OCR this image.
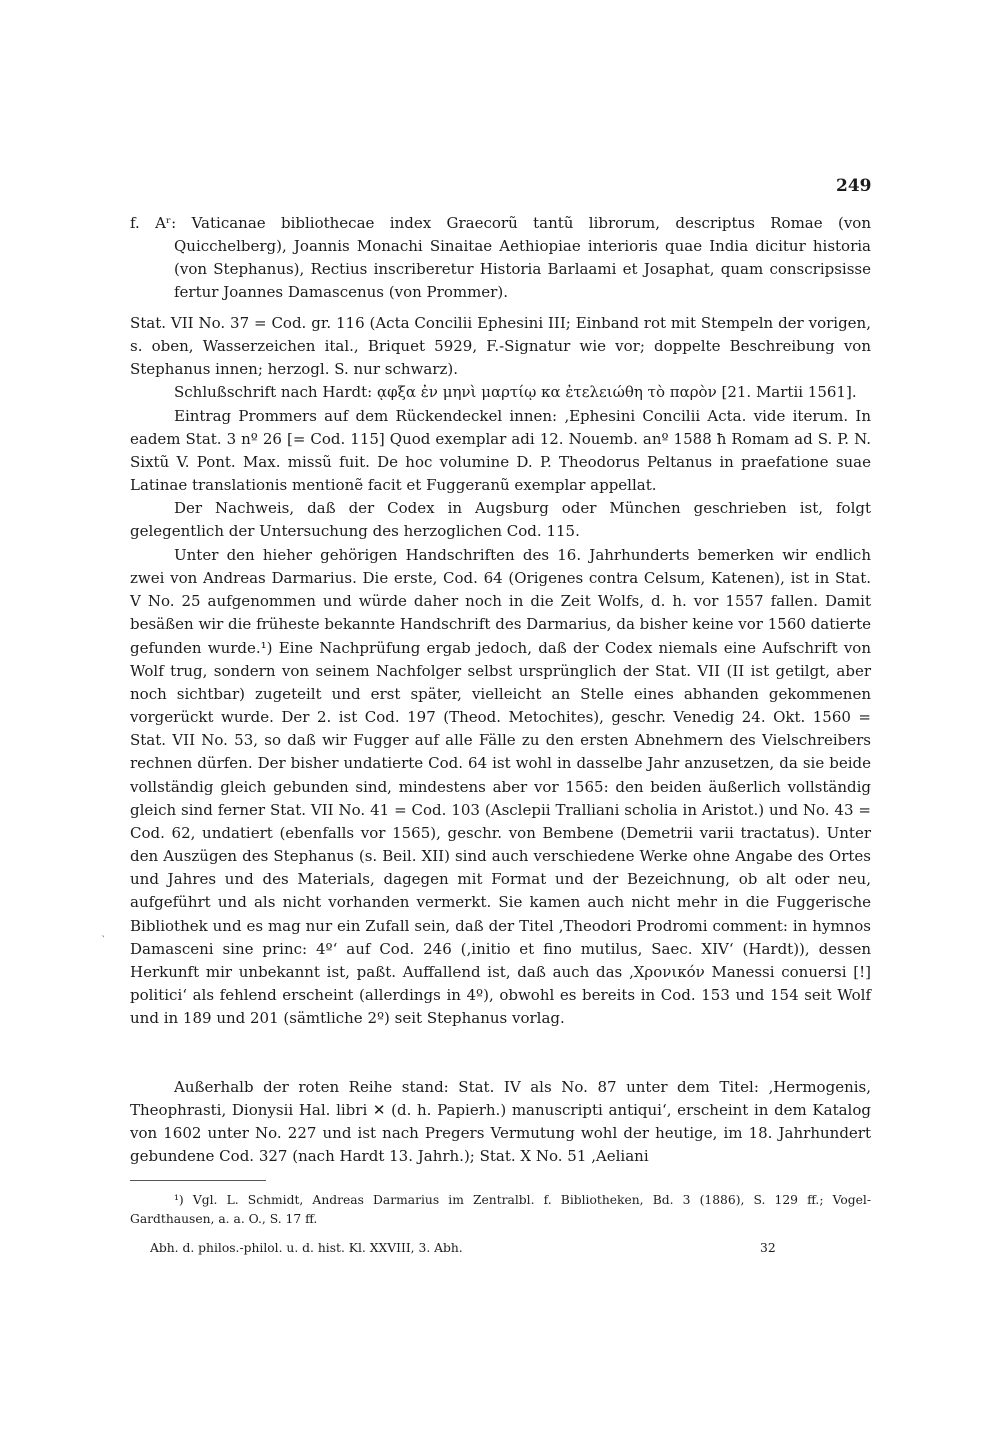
249

f. Aʳ: Vaticanae bibliothecae index Graecorũ tantũ librorum, descriptus Romae (von Quicchelberg), Joannis Monachi Sinaitae Aethiopiae interioris quae India dicitur historia (von Stephanus), Rectius inscriberetur Historia Barlaami et Josaphat, quam conscripsisse fertur Joannes Damascenus (von Prommer).

Stat. VII No. 37 = Cod. gr. 116 (Acta Concilii Ephesini III; Einband rot mit Stempeln der vorigen, s. oben, Wasserzeichen ital., Briquet 5929, F.-Signatur wie vor; doppelte Beschreibung von Stephanus innen; herzogl. S. nur schwarz).

Schlußschrift nach Hardt: ᾳφξα ἐν μηνὶ μαρτίῳ κα ἐτελειώθη τὸ παρὸν [21. Martii 1561].

Eintrag Prommers auf dem Rückendeckel innen: ‚Ephesini Concilii Acta. vide iterum. In eadem Stat. 3 nº 26 [= Cod. 115] Quod exemplar adi 12. Nouemb. anº 1588 ħ Romam ad S. P. N. Sixtũ V. Pont. Max. missũ fuit. De hoc volumine D. P. Theodorus Peltanus in praefatione suae Latinae translationis mentionẽ facit et Fuggeranũ exemplar appellat.

Der Nachweis, daß der Codex in Augsburg oder München geschrieben ist, folgt gelegentlich der Untersuchung des herzoglichen Cod. 115.

Unter den hieher gehörigen Handschriften des 16. Jahrhunderts bemerken wir endlich zwei von Andreas Darmarius. Die erste, Cod. 64 (Origenes contra Celsum, Katenen), ist in Stat. V No. 25 aufgenommen und würde daher noch in die Zeit Wolfs, d. h. vor 1557 fallen. Damit besäßen wir die früheste bekannte Handschrift des Darmarius, da bisher keine vor 1560 datierte gefunden wurde.¹) Eine Nachprüfung ergab jedoch, daß der Codex niemals eine Aufschrift von Wolf trug, sondern von seinem Nachfolger selbst ursprünglich der Stat. VII (II ist getilgt, aber noch sichtbar) zugeteilt und erst später, vielleicht an Stelle eines abhanden gekommenen vorgerückt wurde. Der 2. ist Cod. 197 (Theod. Metochites), geschr. Venedig 24. Okt. 1560 = Stat. VII No. 53, so daß wir Fugger auf alle Fälle zu den ersten Abnehmern des Vielschreibers rechnen dürfen. Der bisher undatierte Cod. 64 ist wohl in dasselbe Jahr anzusetzen, da sie beide vollständig gleich gebunden sind, mindestens aber vor 1565: den beiden äußerlich vollständig gleich sind ferner Stat. VII No. 41 = Cod. 103 (Asclepii Tralliani scholia in Aristot.) und No. 43 = Cod. 62, undatiert (ebenfalls vor 1565), geschr. von Bembene (Demetrii varii tractatus). Unter den Auszügen des Stephanus (s. Beil. XII) sind auch verschiedene Werke ohne Angabe des Ortes und Jahres und des Materials, dagegen mit Format und der Bezeichnung, ob alt oder neu, aufgeführt und als nicht vorhanden vermerkt. Sie kamen auch nicht mehr in die Fuggerische Bibliothek und es mag nur ein Zufall sein, daß der Titel ‚Theodori Prodromi comment: in hymnos Damasceni sine princ: 4ºʻ auf Cod. 246 (‚initio et fino mutilus, Saec. XIVʻ (Hardt)), dessen Herkunft mir unbekannt ist, paßt. Auffallend ist, daß auch das ‚Χρονικόν Manessi conuersi [!] politiciʻ als fehlend erscheint (allerdings in 4º), obwohl es bereits in Cod. 153 und 154 seit Wolf und in 189 und 201 (sämtliche 2º) seit Stephanus vorlag.

‵

Außerhalb der roten Reihe stand: Stat. IV als No. 87 unter dem Titel: ‚Hermogenis, Theophrasti, Dionysii Hal. libri ✕ (d. h. Papierh.) manuscripti antiquiʻ, erscheint in dem Katalog von 1602 unter No. 227 und ist nach Pregers Vermutung wohl der heutige, im 18. Jahrhundert gebundene Cod. 327 (nach Hardt 13. Jahrh.); Stat. X No. 51 ‚Aeliani

¹) Vgl. L. Schmidt, Andreas Darmarius im Zentralbl. f. Bibliotheken, Bd. 3 (1886), S. 129 ff.; Vogel-Gardthausen, a. a. O., S. 17 ff.
Abh. d. philos.-philol. u. d. hist. Kl. XXVIII, 3. Abh.	32
